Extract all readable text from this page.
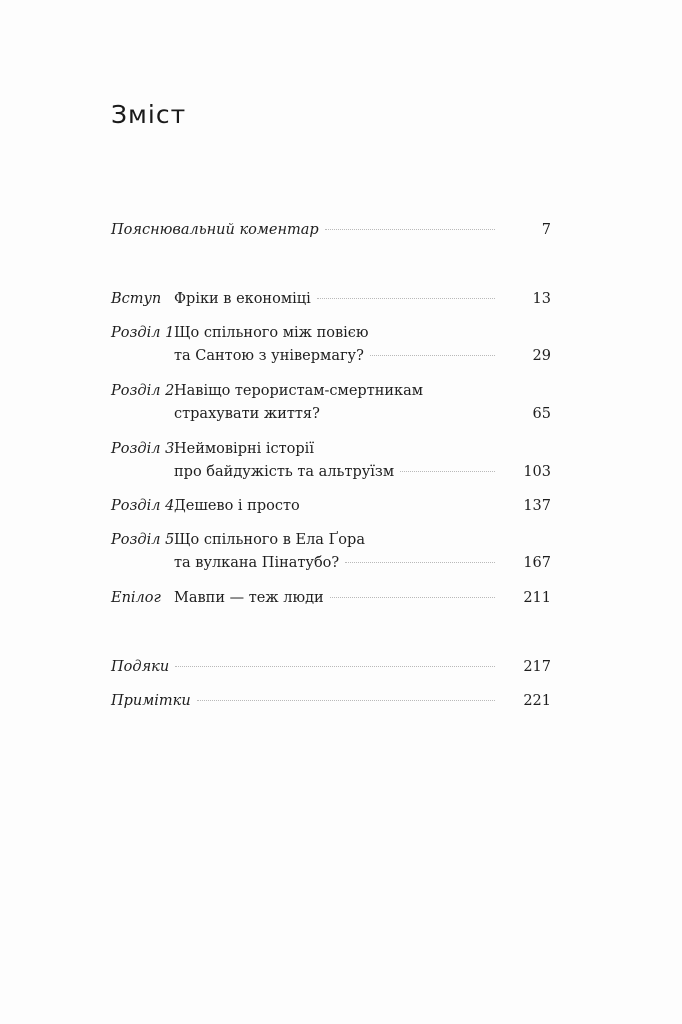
Зміст
Пояснювальний коментар	7
Вступ Фріки в економіці	13
Розділ 1 Що спільного між повією
та Сантою з універмагу?	29
Розділ 2 Навіщо терористам-смертникам
страхувати життя?	65
Розділ 3 Неймовірні історії
про байдужість та альтруїзм	103
Розділ 4 Дешево і просто	137
Розділ 5 Що спільного в Ела Ґора
та вулкана Пінатубо?	167
Епілог Мавпи — теж люди	211
Подяки	217
Примітки	221
